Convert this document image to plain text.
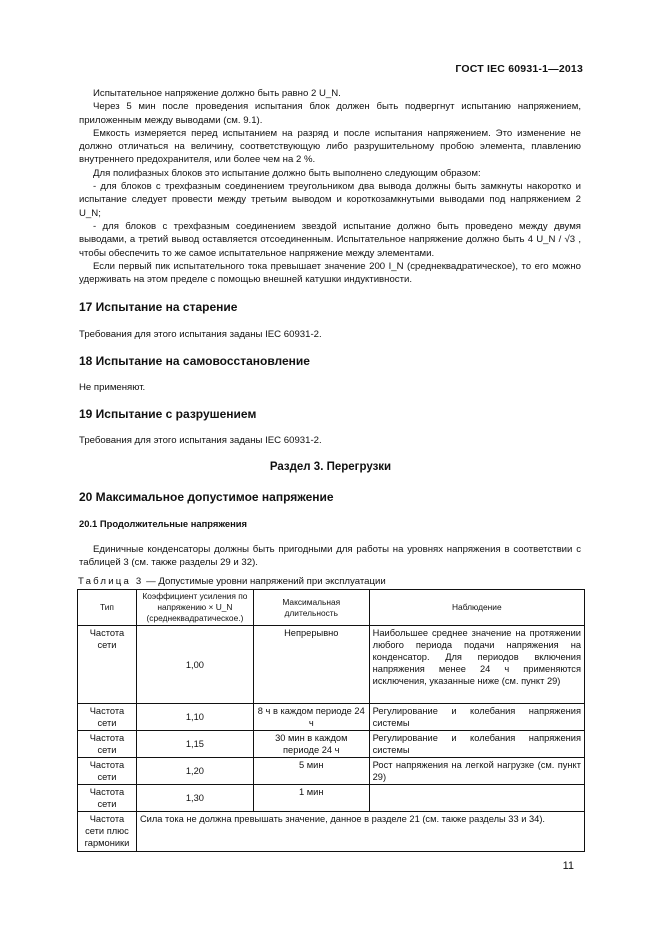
ГОСТ IEC 60931-1—2013

Испытательное напряжение должно быть равно 2 U_N.

Через 5 мин после проведения испытания блок должен быть подвергнут испытанию напряжением, приложенным между выводами (см. 9.1).

Емкость измеряется перед испытанием на разряд и после испытания напряжением. Это изменение не должно отличаться на величину, соответствующую либо разрушительному пробою элемента, плавлению внутреннего предохранителя, или более чем на 2 %.

Для полифазных блоков это испытание должно быть выполнено следующим образом:

- для блоков с трехфазным соединением треугольником два вывода должны быть замкнуты накоротко и испытание следует провести между третьим выводом и короткозамкнутыми выводами под напряжением 2 U_N;

- для блоков с трехфазным соединением звездой испытание должно быть проведено между двумя выводами, а третий вывод оставляется отсоединенным. Испытательное напряжение должно быть 4 U_N / √3 , чтобы обеспечить то же самое испытательное напряжение между элементами.

Если первый пик испытательного тока превышает значение 200 I_N (среднеквадратическое), то его можно удерживать на этом пределе с помощью внешней катушки индуктивности.

17 Испытание на старение
Требования для этого испытания заданы IEC 60931-2.
18 Испытание на самовосстановление
Не применяют.
19 Испытание с разрушением
Требования для этого испытания заданы IEC 60931-2.
Раздел 3. Перегрузки
20 Максимальное допустимое напряжение
20.1 Продолжительные напряжения

Единичные конденсаторы должны быть пригодными для работы на уровнях напряжения в соответствии с таблицей 3 (см. также разделы 29 и 32).

Таблица 3 — Допустимые уровни напряжений при эксплуатации
Тип	Коэффициент усиления по напряжению × U_N (среднеквадратическое.)	Максимальная длительность	Наблюдение
Частота сети	1,00	Непрерывно	Наибольшее среднее значение на протяжении любого периода подачи напряжения на конденсатор. Для периодов включения напряжения менее 24 ч применяются исключения, указанные ниже (см. пункт 29)
Частота сети	1,10	8 ч в каждом периоде 24 ч	Регулирование и колебания напряжения системы
Частота сети	1,15	30 мин в каждом периоде 24 ч	Регулирование и колебания напряжения системы
Частота сети	1,20	5 мин	Рост напряжения на легкой нагрузке (см. пункт 29)
Частота сети	1,30	1 мин	
Частота сети плюс гармоники	Сила тока не должна превышать значение, данное в разделе 21 (см. также разделы 33 и 34).		
11
